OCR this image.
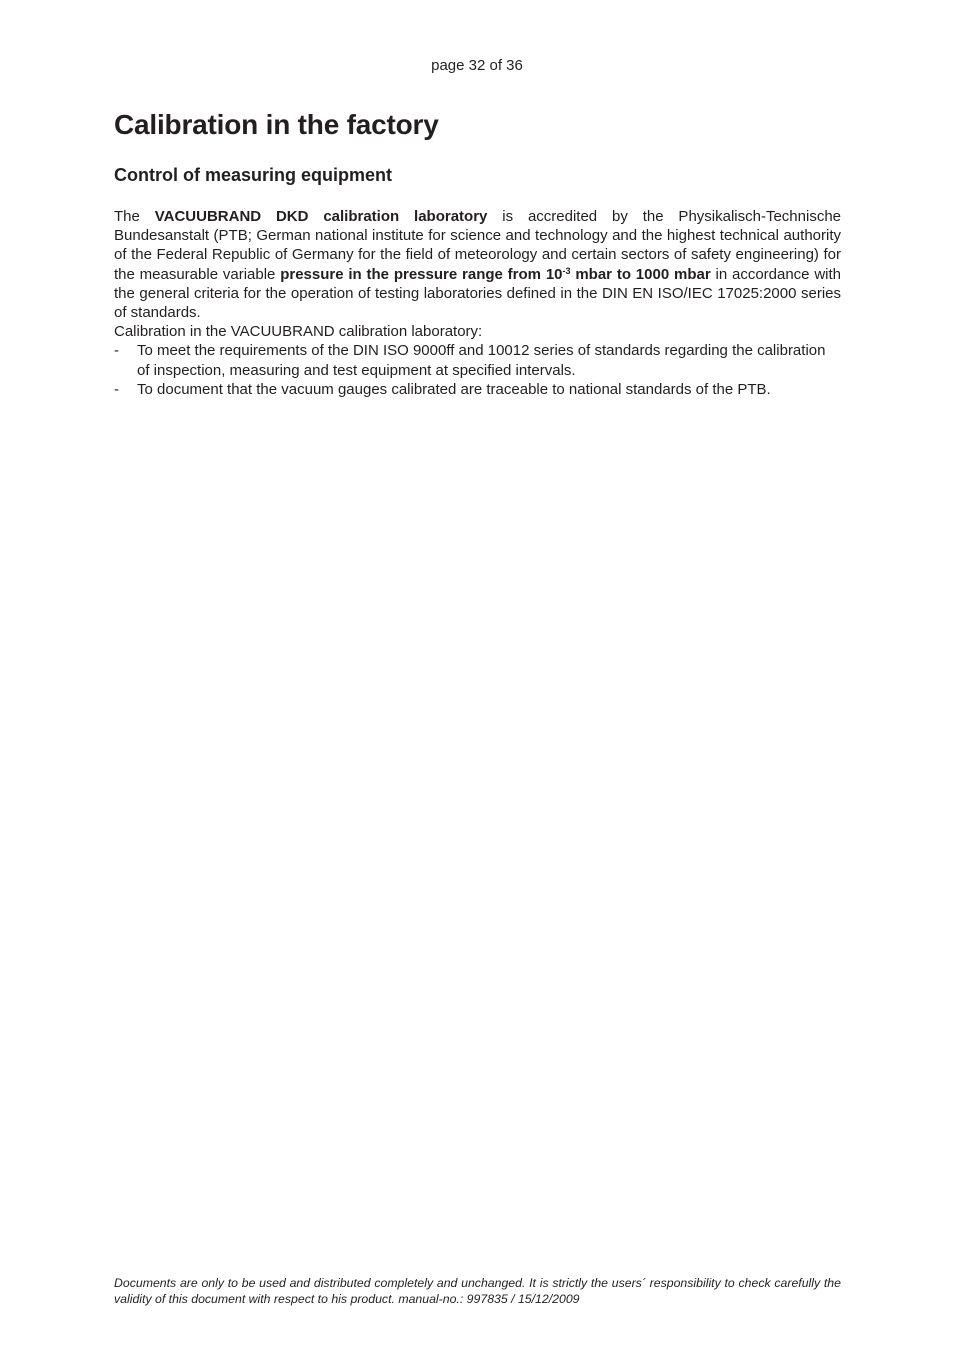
page 32 of 36
Calibration in the factory
Control of measuring equipment

The VACUUBRAND DKD calibration laboratory is accredited by the Physikalisch-Technische Bundesanstalt (PTB; German national institute for science and technology and the highest technical authority of the Federal Republic of Germany for the field of meteorology and certain sectors of safety engineering) for the measurable variable pressure in the pressure range from $10^{-3}$ mbar to 1000 mbar in accordance with the general criteria for the operation of testing laboratories defined in the DIN EN ISO/IEC 17025:2000 series of standards.

Calibration in the VACUUBRAND calibration laboratory:

- To meet the requirements of the DIN ISO 9000ff and 10012 series of standards regarding the calibration of inspection, measuring and test equipment at specified intervals.
- To document that the vacuum gauges calibrated are traceable to national standards of the PTB.
Documents are only to be used and distributed completely and unchanged. It is strictly the users´ responsibility to check carefully the validity of this document with respect to his product. manual-no.: 997835 / 15/12/2009
